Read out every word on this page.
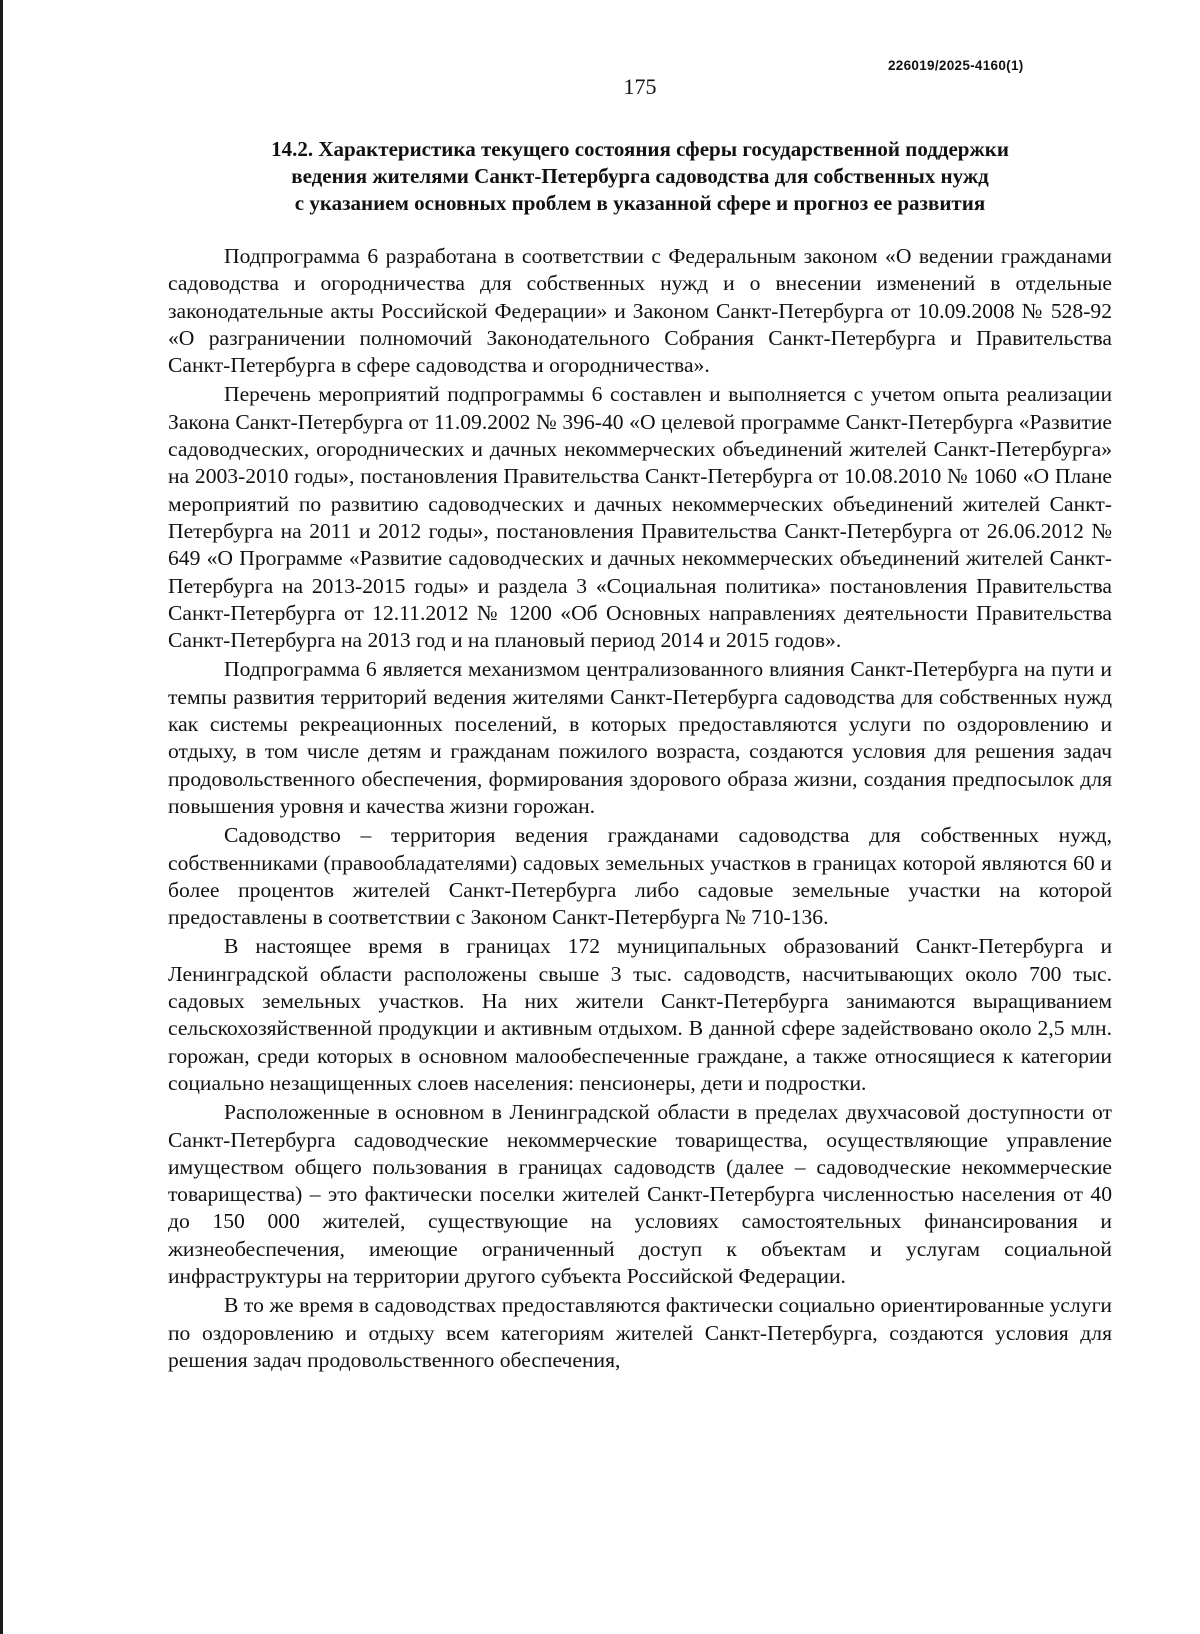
226019/2025-4160(1)
175
14.2. Характеристика текущего состояния сферы государственной поддержки
ведения жителями Санкт-Петербурга садоводства для собственных нужд
с указанием основных проблем в указанной сфере и прогноз ее развития

Подпрограмма 6 разработана в соответствии с Федеральным законом «О ведении гражданами садоводства и огородничества для собственных нужд и о внесении изменений в отдельные законодательные акты Российской Федерации» и Законом Санкт-Петербурга от 10.09.2008 № 528-92 «О разграничении полномочий Законодательного Собрания Санкт-Петербурга и Правительства Санкт-Петербурга в сфере садоводства и огородничества».

Перечень мероприятий подпрограммы 6 составлен и выполняется с учетом опыта реализации Закона Санкт-Петербурга от 11.09.2002 № 396-40 «О целевой программе Санкт-Петербурга «Развитие садоводческих, огороднических и дачных некоммерческих объединений жителей Санкт-Петербурга» на 2003-2010 годы», постановления Правительства Санкт-Петербурга от 10.08.2010 № 1060 «О Плане мероприятий по развитию садоводческих и дачных некоммерческих объединений жителей Санкт-Петербурга на 2011 и 2012 годы», постановления Правительства Санкт-Петербурга от 26.06.2012 № 649 «О Программе «Развитие садоводческих и дачных некоммерческих объединений жителей Санкт-Петербурга на 2013-2015 годы» и раздела 3 «Социальная политика» постановления Правительства Санкт-Петербурга от 12.11.2012 № 1200 «Об Основных направлениях деятельности Правительства Санкт-Петербурга на 2013 год и на плановый период 2014 и 2015 годов».

Подпрограмма 6 является механизмом централизованного влияния Санкт-Петербурга на пути и темпы развития территорий ведения жителями Санкт-Петербурга садоводства для собственных нужд как системы рекреационных поселений, в которых предоставляются услуги по оздоровлению и отдыху, в том числе детям и гражданам пожилого возраста, создаются условия для решения задач продовольственного обеспечения, формирования здорового образа жизни, создания предпосылок для повышения уровня и качества жизни горожан.

Садоводство – территория ведения гражданами садоводства для собственных нужд, собственниками (правообладателями) садовых земельных участков в границах которой являются 60 и более процентов жителей Санкт-Петербурга либо садовые земельные участки на которой предоставлены в соответствии с Законом Санкт-Петербурга № 710-136.

В настоящее время в границах 172 муниципальных образований Санкт-Петербурга и Ленинградской области расположены свыше 3 тыс. садоводств, насчитывающих около 700 тыс. садовых земельных участков. На них жители Санкт-Петербурга занимаются выращиванием сельскохозяйственной продукции и активным отдыхом. В данной сфере задействовано около 2,5 млн. горожан, среди которых в основном малообеспеченные граждане, а также относящиеся к категории социально незащищенных слоев населения: пенсионеры, дети и подростки.

Расположенные в основном в Ленинградской области в пределах двухчасовой доступности от Санкт-Петербурга садоводческие некоммерческие товарищества, осуществляющие управление имуществом общего пользования в границах садоводств (далее – садоводческие некоммерческие товарищества) – это фактически поселки жителей Санкт-Петербурга численностью населения от 40 до 150 000 жителей, существующие на условиях самостоятельных финансирования и жизнеобеспечения, имеющие ограниченный доступ к объектам и услугам социальной инфраструктуры на территории другого субъекта Российской Федерации.

В то же время в садоводствах предоставляются фактически социально ориентированные услуги по оздоровлению и отдыху всем категориям жителей Санкт-Петербурга, создаются условия для решения задач продовольственного обеспечения,
